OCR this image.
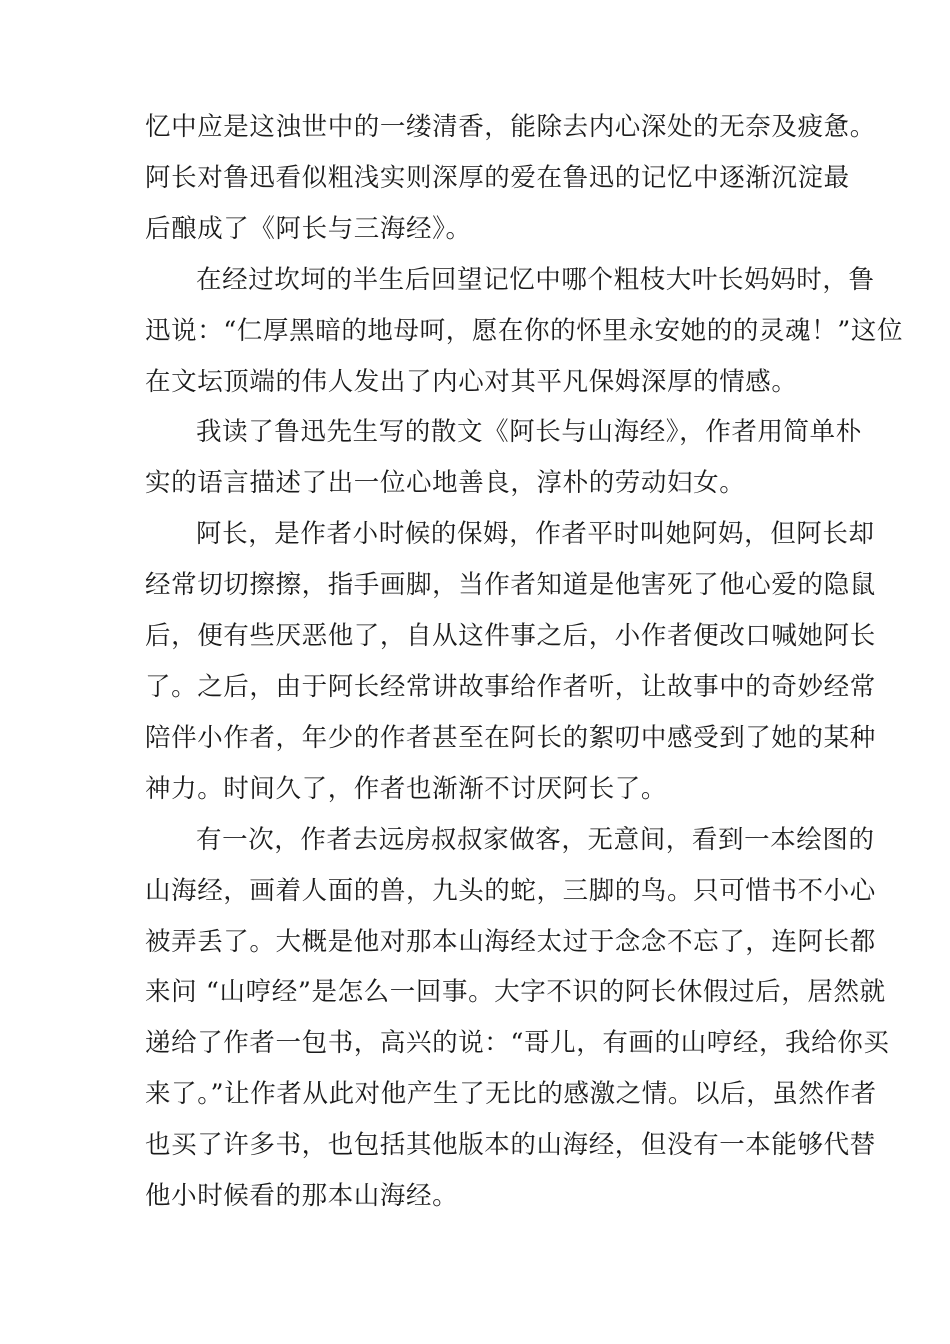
忆中应是这浊世中的一缕清香，能除去内心深处的无奈及疲惫。

阿长对鲁迅看似粗浅实则深厚的爱在鲁迅的记忆中逐渐沉淀最

后酿成了《阿长与三海经》。

在经过坎坷的半生后回望记忆中哪个粗枝大叶长妈妈时，鲁

迅说：“仁厚黑暗的地母呵，愿在你的怀里永安她的的灵魂！”这位

在文坛顶端的伟人发出了内心对其平凡保姆深厚的情感。

我读了鲁迅先生写的散文《阿长与山海经》，作者用简单朴

实的语言描述了出一位心地善良，淳朴的劳动妇女。

阿长，是作者小时候的保姆，作者平时叫她阿妈，但阿长却

经常切切擦擦，指手画脚，当作者知道是他害死了他心爱的隐鼠

后，便有些厌恶他了，自从这件事之后，小作者便改口喊她阿长

了。之后，由于阿长经常讲故事给作者听，让故事中的奇妙经常

陪伴小作者，年少的作者甚至在阿长的絮叨中感受到了她的某种

神力。时间久了，作者也渐渐不讨厌阿长了。

有一次，作者去远房叔叔家做客，无意间，看到一本绘图的

山海经，画着人面的兽，九头的蛇，三脚的鸟。只可惜书不小心

被弄丢了。大概是他对那本山海经太过于念念不忘了，连阿长都

来问 “山哼经”是怎么一回事。大字不识的阿长休假过后，居然就

递给了作者一包书，高兴的说：“哥儿，有画的山哼经，我给你买

来了。”让作者从此对他产生了无比的感激之情。以后，虽然作者

也买了许多书，也包括其他版本的山海经，但没有一本能够代替

他小时候看的那本山海经。
